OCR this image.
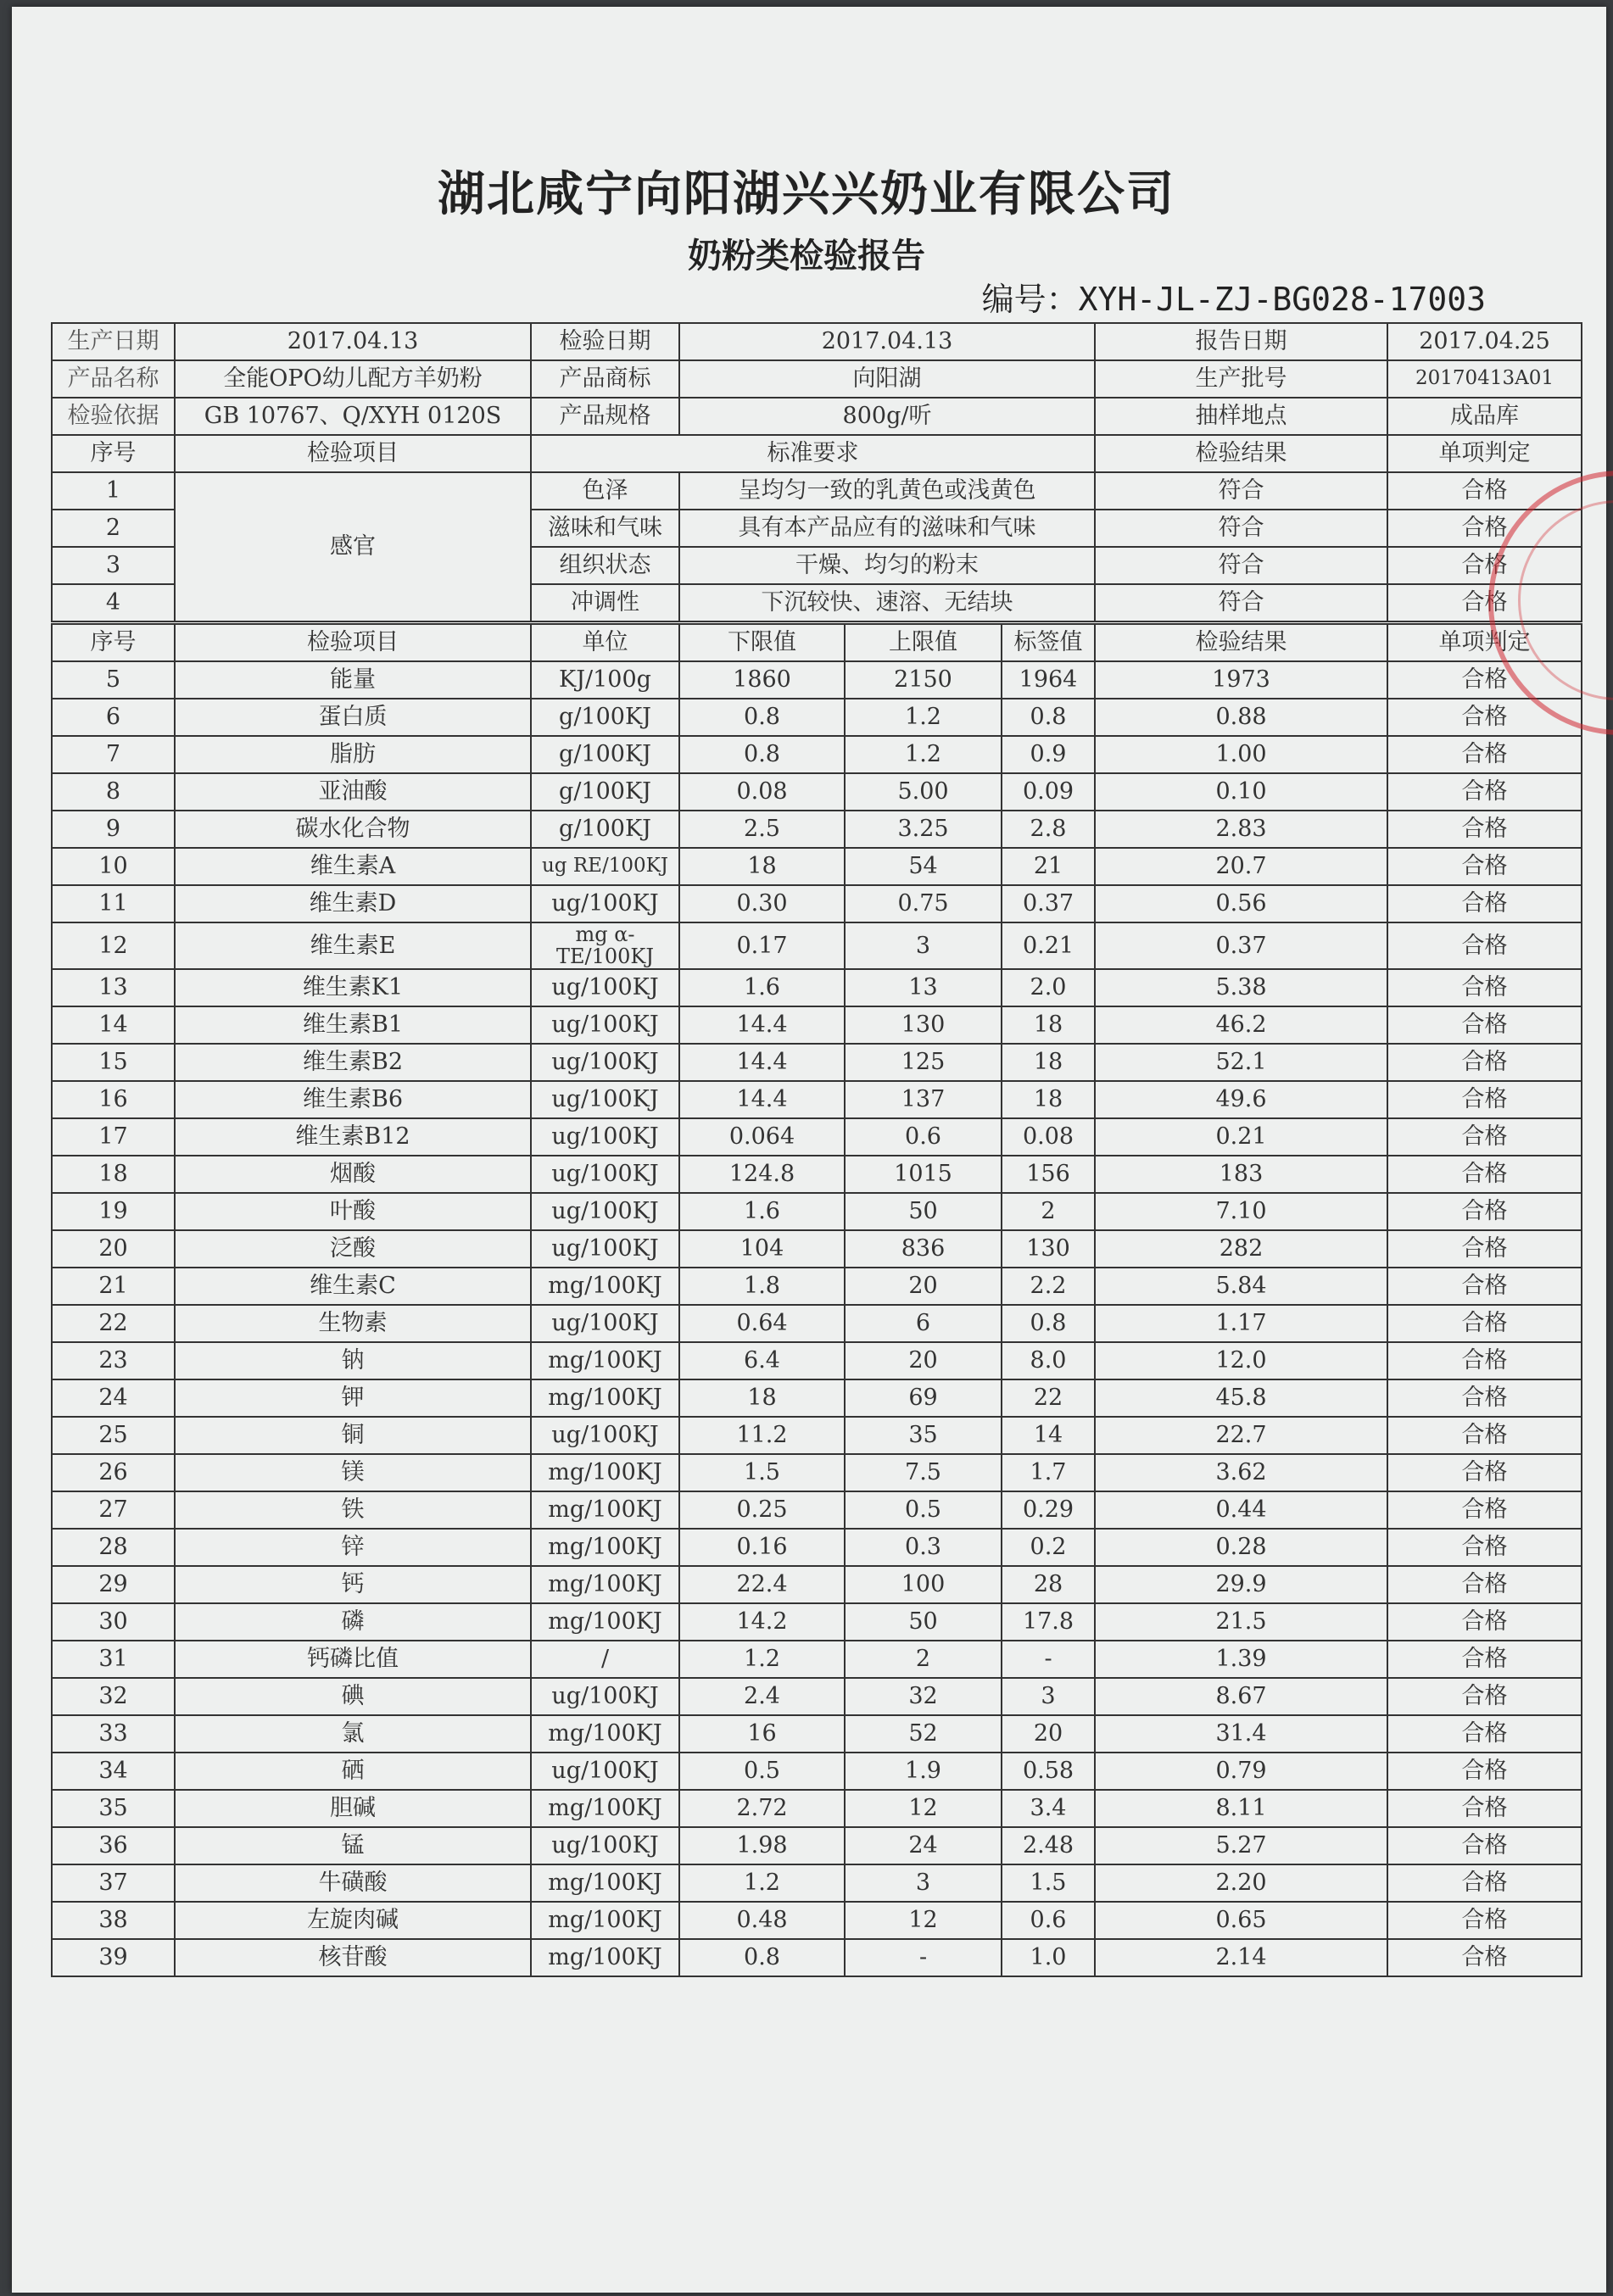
湖北咸宁向阳湖兴兴奶业有限公司
奶粉类检验报告
编号：XYH-JL-ZJ-BG028-17003
生产日期	2017.04.13	检验日期	2017.04.13			报告日期	2017.04.25
产品名称	全能OPO幼儿配方羊奶粉	产品商标	向阳湖			生产批号	20170413A01
检验依据	GB 10767、Q/XYH 0120S	产品规格	800g/听			抽样地点	成品库
序号	检验项目	标准要求				检验结果	单项判定
1	感官	色泽	呈均匀一致的乳黄色或浅黄色			符合	合格
2		滋味和气味	具有本产品应有的滋味和气味			符合	合格
3		组织状态	干燥、均匀的粉末			符合	合格
4		冲调性	下沉较快、速溶、无结块			符合	合格
序号	检验项目	单位	下限值	上限值	标签值	检验结果	单项判定
5	能量	KJ/100g	1860	2150	1964	1973	合格
6	蛋白质	g/100KJ	0.8	1.2	0.8	0.88	合格
7	脂肪	g/100KJ	0.8	1.2	0.9	1.00	合格
8	亚油酸	g/100KJ	0.08	5.00	0.09	0.10	合格
9	碳水化合物	g/100KJ	2.5	3.25	2.8	2.83	合格
10	维生素A	ug RE/100KJ	18	54	21	20.7	合格
11	维生素D	ug/100KJ	0.30	0.75	0.37	0.56	合格
12	维生素E	mg α-TE/100KJ	0.17	3	0.21	0.37	合格
13	维生素K1	ug/100KJ	1.6	13	2.0	5.38	合格
14	维生素B1	ug/100KJ	14.4	130	18	46.2	合格
15	维生素B2	ug/100KJ	14.4	125	18	52.1	合格
16	维生素B6	ug/100KJ	14.4	137	18	49.6	合格
17	维生素B12	ug/100KJ	0.064	0.6	0.08	0.21	合格
18	烟酸	ug/100KJ	124.8	1015	156	183	合格
19	叶酸	ug/100KJ	1.6	50	2	7.10	合格
20	泛酸	ug/100KJ	104	836	130	282	合格
21	维生素C	mg/100KJ	1.8	20	2.2	5.84	合格
22	生物素	ug/100KJ	0.64	6	0.8	1.17	合格
23	钠	mg/100KJ	6.4	20	8.0	12.0	合格
24	钾	mg/100KJ	18	69	22	45.8	合格
25	铜	ug/100KJ	11.2	35	14	22.7	合格
26	镁	mg/100KJ	1.5	7.5	1.7	3.62	合格
27	铁	mg/100KJ	0.25	0.5	0.29	0.44	合格
28	锌	mg/100KJ	0.16	0.3	0.2	0.28	合格
29	钙	mg/100KJ	22.4	100	28	29.9	合格
30	磷	mg/100KJ	14.2	50	17.8	21.5	合格
31	钙磷比值	/	1.2	2	-	1.39	合格
32	碘	ug/100KJ	2.4	32	3	8.67	合格
33	氯	mg/100KJ	16	52	20	31.4	合格
34	硒	ug/100KJ	0.5	1.9	0.58	0.79	合格
35	胆碱	mg/100KJ	2.72	12	3.4	8.11	合格
36	锰	ug/100KJ	1.98	24	2.48	5.27	合格
37	牛磺酸	mg/100KJ	1.2	3	1.5	2.20	合格
38	左旋肉碱	mg/100KJ	0.48	12	0.6	0.65	合格
39	核苷酸	mg/100KJ	0.8	-	1.0	2.14	合格
